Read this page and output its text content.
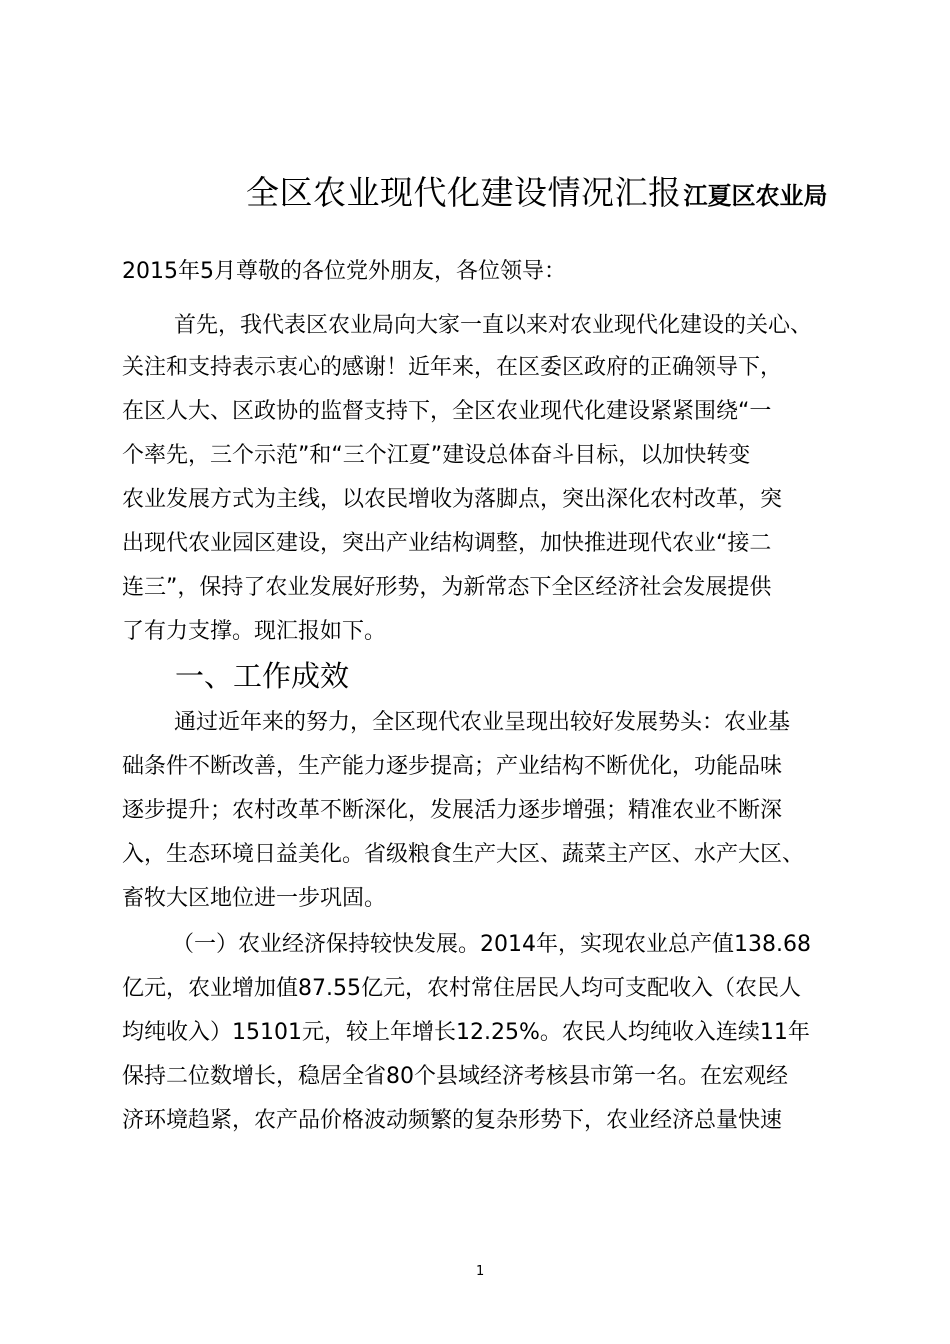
全区农业现代化建设情况汇报江夏区农业局
2015年5月尊敬的各位党外朋友，各位领导：
首先，我代表区农业局向大家一直以来对农业现代化建设的关心、
关注和支持表示衷心的感谢！近年来，在区委区政府的正确领导下，
在区人大、区政协的监督支持下，全区农业现代化建设紧紧围绕“一
个率先，三个示范”和“三个江夏”建设总体奋斗目标，以加快转变
农业发展方式为主线，以农民增收为落脚点，突出深化农村改革，突
出现代农业园区建设，突出产业结构调整，加快推进现代农业“接二
连三”，保持了农业发展好形势，为新常态下全区经济社会发展提供
了有力支撑。现汇报如下。
一、工作成效
通过近年来的努力，全区现代农业呈现出较好发展势头：农业基
础条件不断改善，生产能力逐步提高；产业结构不断优化，功能品味
逐步提升；农村改革不断深化，发展活力逐步增强；精准农业不断深
入，生态环境日益美化。省级粮食生产大区、蔬菜主产区、水产大区、
畜牧大区地位进一步巩固。
（一）农业经济保持较快发展。2014年，实现农业总产值138.68
亿元，农业增加值87.55亿元，农村常住居民人均可支配收入（农民人
均纯收入）15101元，较上年增长12.25%。农民人均纯收入连续11年
保持二位数增长，稳居全省80个县域经济考核县市第一名。在宏观经
济环境趋紧，农产品价格波动频繁的复杂形势下，农业经济总量快速
1
